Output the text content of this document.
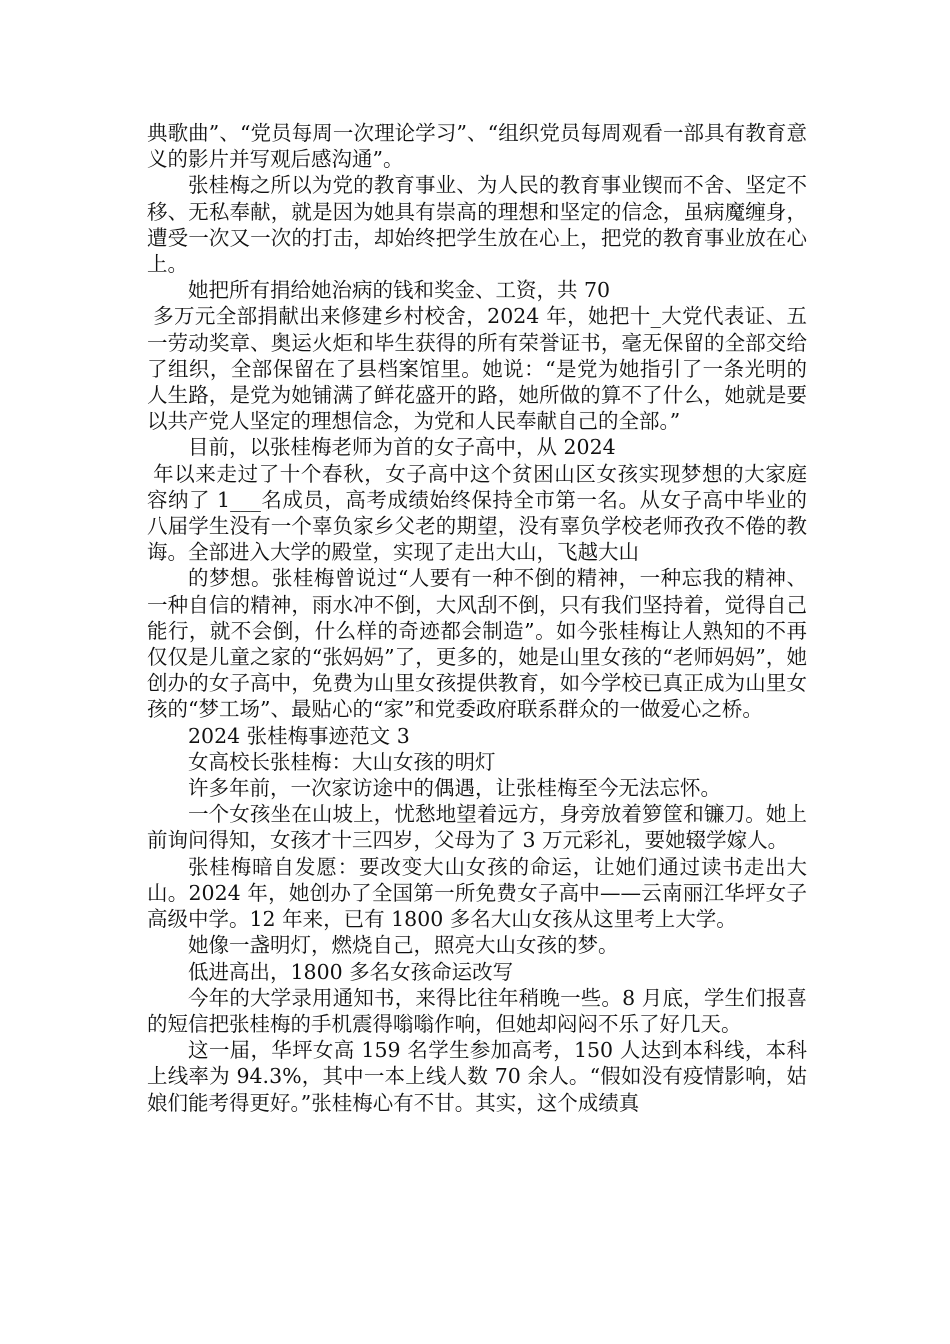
典歌曲”、“党员每周一次理论学习”、“组织党员每周观看一部具有教育意义的影片并写观后感沟通”。

张桂梅之所以为党的教育事业、为人民的教育事业锲而不舍、坚定不移、无私奉献，就是因为她具有崇高的理想和坚定的信念，虽病魔缠身，遭受一次又一次的打击，却始终把学生放在心上，把党的教育事业放在心上。

她把所有捐给她治病的钱和奖金、工资，共 70

多万元全部捐献出来修建乡村校舍，2024 年，她把十_大党代表证、五一劳动奖章、奥运火炬和毕生获得的所有荣誉证书，毫无保留的全部交给了组织，全部保留在了县档案馆里。她说：“是党为她指引了一条光明的人生路，是党为她铺满了鲜花盛开的路，她所做的算不了什么，她就是要以共产党人坚定的理想信念，为党和人民奉献自己的全部。”

目前，以张桂梅老师为首的女子高中，从 2024

年以来走过了十个春秋，女子高中这个贫困山区女孩实现梦想的大家庭容纳了 1___名成员，高考成绩始终保持全市第一名。从女子高中毕业的八届学生没有一个辜负家乡父老的期望，没有辜负学校老师孜孜不倦的教诲。全部进入大学的殿堂，实现了走出大山，飞越大山

的梦想。张桂梅曾说过“人要有一种不倒的精神，一种忘我的精神、一种自信的精神，雨水冲不倒，大风刮不倒，只有我们坚持着，觉得自己能行，就不会倒，什么样的奇迹都会制造”。如今张桂梅让人熟知的不再仅仅是儿童之家的“张妈妈”了，更多的，她是山里女孩的“老师妈妈”，她创办的女子高中，免费为山里女孩提供教育，如今学校已真正成为山里女孩的“梦工场”、最贴心的“家”和党委政府联系群众的一做爱心之桥。

2024 张桂梅事迹范文 3

女高校长张桂梅：大山女孩的明灯

许多年前，一次家访途中的偶遇，让张桂梅至今无法忘怀。

一个女孩坐在山坡上，忧愁地望着远方，身旁放着箩筐和镰刀。她上前询问得知，女孩才十三四岁，父母为了 3 万元彩礼，要她辍学嫁人。

张桂梅暗自发愿：要改变大山女孩的命运，让她们通过读书走出大山。2024 年，她创办了全国第一所免费女子高中——云南丽江华坪女子高级中学。12 年来，已有 1800 多名大山女孩从这里考上大学。

她像一盏明灯，燃烧自己，照亮大山女孩的梦。

低进高出，1800 多名女孩命运改写

今年的大学录用通知书，来得比往年稍晚一些。8 月底，学生们报喜的短信把张桂梅的手机震得嗡嗡作响，但她却闷闷不乐了好几天。

这一届，华坪女高 159 名学生参加高考，150 人达到本科线，本科上线率为 94.3%，其中一本上线人数 70 余人。“假如没有疫情影响，姑娘们能考得更好。”张桂梅心有不甘。其实，这个成绩真
